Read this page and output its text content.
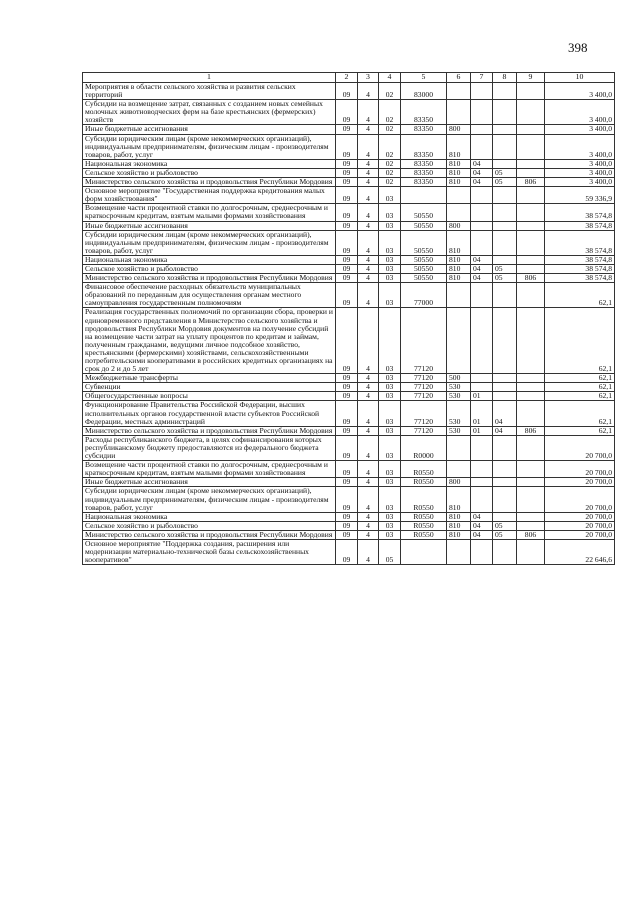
398
1	2	3	4	5	6	7	8	9	10
Мероприятия в области сельского хозяйства и развития сельских территорий	09	4	02	83000					3 400,0
Субсидии на возмещение затрат, связанных с созданием новых семейных молочных животноводческих ферм на базе крестьянских (фермерских) хозяйств	09	4	02	83350					3 400,0
Иные бюджетные ассигнования	09	4	02	83350	800				3 400,0
Субсидии юридическим лицам (кроме некоммерческих организаций), индивидуальным предпринимателям, физическим лицам - производителям товаров, работ, услуг	09	4	02	83350	810				3 400,0
Национальная экономика	09	4	02	83350	810	04			3 400,0
Сельское хозяйство и рыболовство	09	4	02	83350	810	04	05		3 400,0
Министерство сельского хозяйства и продовольствия Республики Мордовия	09	4	02	83350	810	04	05	806	3 400,0
Основное мероприятие "Государственная поддержка кредитования малых форм хозяйствования"	09	4	03						59 336,9
Возмещение части процентной ставки по долгосрочным, среднесрочным и краткосрочным кредитам, взятым малыми формами хозяйствования	09	4	03	50550					38 574,8
Иные бюджетные ассигнования	09	4	03	50550	800				38 574,8
Субсидии юридическим лицам (кроме некоммерческих организаций), индивидуальным предпринимателям, физическим лицам - производителям товаров, работ, услуг	09	4	03	50550	810				38 574,8
Национальная экономика	09	4	03	50550	810	04			38 574,8
Сельское хозяйство и рыболовство	09	4	03	50550	810	04	05		38 574,8
Министерство сельского хозяйства и продовольствия Республики Мордовия	09	4	03	50550	810	04	05	806	38 574,8
Финансовое обеспечение расходных обязательств муниципальных образований по переданным для осуществления органам местного самоуправления государственным полномочиям	09	4	03	77000					62,1
Реализация государственных полномочий по организации сбора, проверки и единовременного представления в Министерство сельского хозяйства и продовольствия Республики Мордовия документов на получение субсидий на возмещение части затрат на уплату процентов по кредитам и займам, полученным гражданами, ведущими личное подсобное хозяйство, крестьянскими (фермерскими) хозяйствами, сельскохозяйственными потребительскими кооперативами в российских кредитных организациях на срок до 2 и до 5 лет	09	4	03	77120					62,1
Межбюджетные трансферты	09	4	03	77120	500				62,1
Субвенции	09	4	03	77120	530				62,1
Общегосударственные вопросы	09	4	03	77120	530	01			62,1
Функционирование Правительства Российской Федерации, высших исполнительных органов государственной власти субъектов Российской Федерации, местных администраций	09	4	03	77120	530	01	04		62,1
Министерство сельского хозяйства и продовольствия Республики Мордовия	09	4	03	77120	530	01	04	806	62,1
Расходы республиканского бюджета, в целях софинансирования которых республиканскому бюджету предоставляются из федерального бюджета субсидии	09	4	03	R0000					20 700,0
Возмещение части процентной ставки по долгосрочным, среднесрочным и краткосрочным кредитам, взятым малыми формами хозяйствования	09	4	03	R0550					20 700,0
Иные бюджетные ассигнования	09	4	03	R0550	800				20 700,0
Субсидии юридическим лицам (кроме некоммерческих организаций), индивидуальным предпринимателям, физическим лицам - производителям товаров, работ, услуг	09	4	03	R0550	810				20 700,0
Национальная экономика	09	4	03	R0550	810	04			20 700,0
Сельское хозяйство и рыболовство	09	4	03	R0550	810	04	05		20 700,0
Министерство сельского хозяйства и продовольствия Республики Мордовия	09	4	03	R0550	810	04	05	806	20 700,0
Основное мероприятие "Поддержка создания, расширения или модернизации материально-технической базы сельскохозяйственных кооперативов"	09	4	05						22 646,6
